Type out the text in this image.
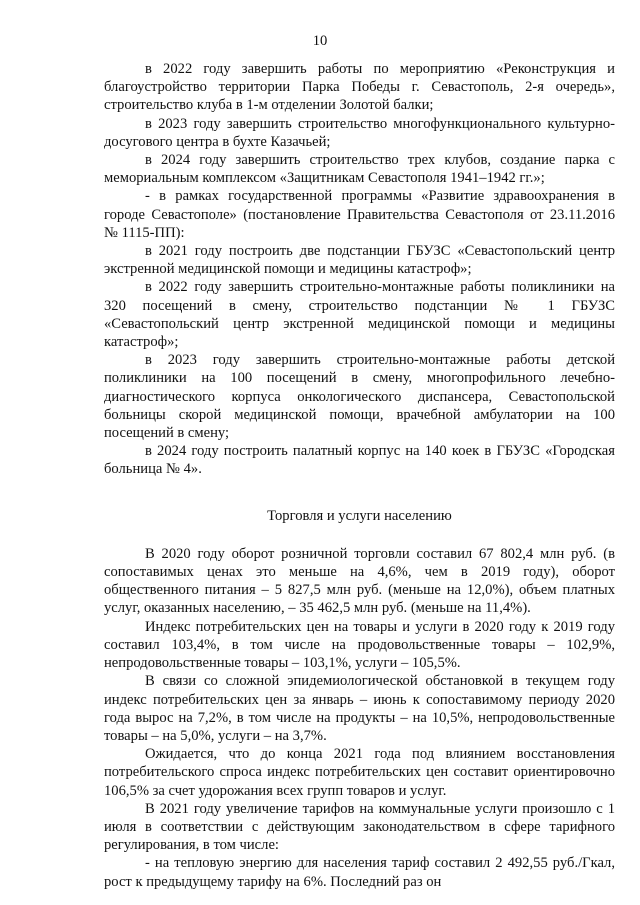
10

в 2022 году завершить работы по мероприятию «Реконструкция и благоустройство территории Парка Победы г. Севастополь, 2-я очередь», строительство клуба в 1-м отделении Золотой балки;

в 2023 году завершить строительство многофункционального культурно-досугового центра в бухте Казачьей;

в 2024 году завершить строительство трех клубов, создание парка с мемориальным комплексом «Защитникам Севастополя 1941–1942 гг.»;

- в рамках государственной программы «Развитие здравоохранения в городе Севастополе» (постановление Правительства Севастополя от 23.11.2016 № 1115-ПП):

в 2021 году построить две подстанции ГБУЗС «Севастопольский центр экстренной медицинской помощи и медицины катастроф»;

в 2022 году завершить строительно-монтажные работы поликлиники на 320 посещений в смену, строительство подстанции № 1 ГБУЗС «Севастопольский центр экстренной медицинской помощи и медицины катастроф»;

в 2023 году завершить строительно-монтажные работы детской поликлиники на 100 посещений в смену, многопрофильного лечебно-диагностического корпуса онкологического диспансера, Севастопольской больницы скорой медицинской помощи, врачебной амбулатории на 100 посещений в смену;

в 2024 году построить палатный корпус на 140 коек в ГБУЗС «Городская больница № 4».

Торговля и услуги населению

В 2020 году оборот розничной торговли составил 67 802,4 млн руб. (в сопоставимых ценах это меньше на 4,6%, чем в 2019 году), оборот общественного питания – 5 827,5 млн руб. (меньше на 12,0%), объем платных услуг, оказанных населению, – 35 462,5 млн руб. (меньше на 11,4%).

Индекс потребительских цен на товары и услуги в 2020 году к 2019 году составил 103,4%, в том числе на продовольственные товары – 102,9%, непродовольственные товары – 103,1%, услуги – 105,5%.

В связи со сложной эпидемиологической обстановкой в текущем году индекс потребительских цен за январь – июнь к сопоставимому периоду 2020 года вырос на 7,2%, в том числе на продукты – на 10,5%, непродовольственные товары – на 5,0%, услуги – на 3,7%.

Ожидается, что до конца 2021 года под влиянием восстановления потребительского спроса индекс потребительских цен составит ориентировочно 106,5% за счет удорожания всех групп товаров и услуг.

В 2021 году увеличение тарифов на коммунальные услуги произошло с 1 июля в соответствии с действующим законодательством в сфере тарифного регулирования, в том числе:

- на тепловую энергию для населения тариф составил 2 492,55 руб./Гкал, рост к предыдущему тарифу на 6%. Последний раз он
